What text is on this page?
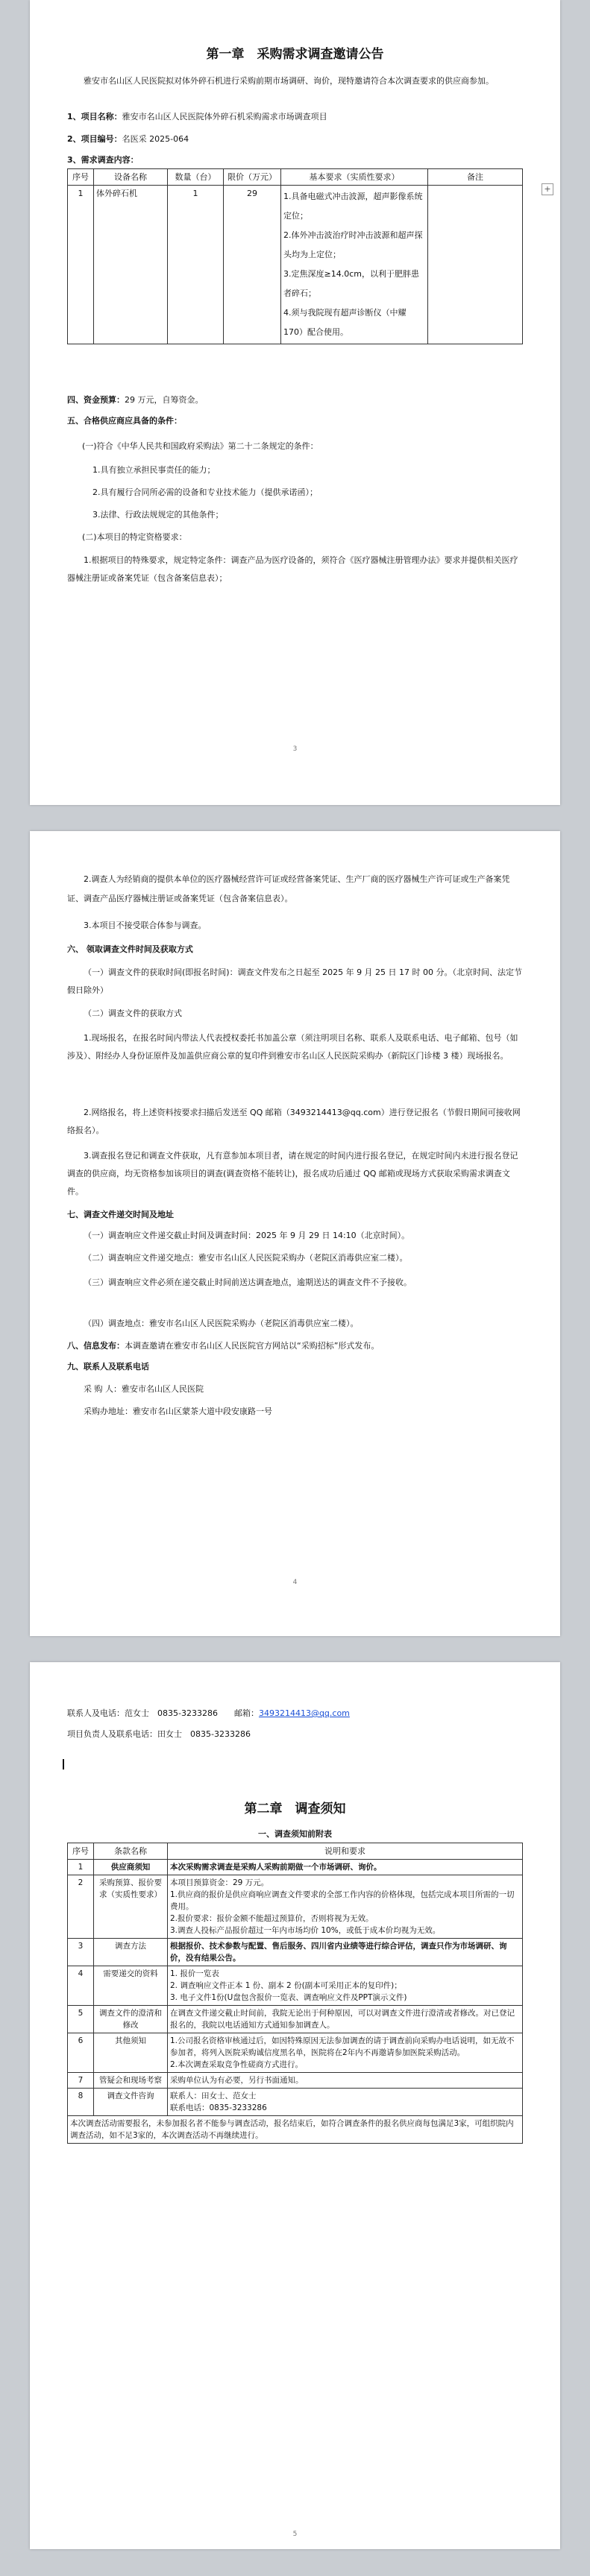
第一章　采购需求调查邀请公告
雅安市名山区人民医院拟对体外碎石机进行采购前期市场调研、询价，现特邀请符合本次调查要求的供应商参加。
1、项目名称：雅安市名山区人民医院体外碎石机采购需求市场调查项目
2、项目编号：名医采 2025-064
3、需求调查内容：
序号	设备名称	数量（台）	限价（万元）	基本要求（实质性要求）	备注
1	体外碎石机	1	29	1.具备电磁式冲击波源，超声影像系统定位；
2.体外冲击波治疗时冲击波源和超声探头均为上定位；
3.定焦深度≥14.0cm，以利于肥胖患者碎石；
4.须与我院现有超声诊断仪（中耀 170）配合使用。	
四、资金预算：29 万元，自筹资金。
五、合格供应商应具备的条件：
(一)符合《中华人民共和国政府采购法》第二十二条规定的条件：
1.具有独立承担民事责任的能力；
2.具有履行合同所必需的设备和专业技术能力（提供承诺函）；
3.法律、行政法规规定的其他条件；
(二)本项目的特定资格要求：
1.根据项目的特殊要求，规定特定条件：调查产品为医疗设备的，须符合《医疗器械注册管理办法》要求并提供相关医疗器械注册证或备案凭证（包含备案信息表）；
+
3
2.调查人为经销商的提供本单位的医疗器械经营许可证或经营备案凭证、生产厂商的医疗器械生产许可证或生产备案凭证、调查产品医疗器械注册证或备案凭证（包含备案信息表）。
3.本项目不接受联合体参与调查。
六、 领取调查文件时间及获取方式
（一）调查文件的获取时间(即报名时间)：调查文件发布之日起至 2025 年 9 月 25 日 17 时 00 分。（北京时间、法定节假日除外）
（二）调查文件的获取方式
1.现场报名，在报名时间内带法人代表授权委托书加盖公章（须注明项目名称、联系人及联系电话、电子邮箱、包号（如涉及）、附经办人身份证原件及加盖供应商公章的复印件到雅安市名山区人民医院采购办（新院区门诊楼 3 楼）现场报名。
2.网络报名，将上述资料按要求扫描后发送至 QQ 邮箱（3493214413@qq.com）进行登记报名（节假日期间可接收网络报名）。
3.调查报名登记和调查文件获取，凡有意参加本项目者，请在规定的时间内进行报名登记，在规定时间内未进行报名登记调查的供应商，均无资格参加该项目的调查(调查资格不能转让)，报名成功后通过 QQ 邮箱或现场方式获取采购需求调查文件。
七、调查文件递交时间及地址
（一）调查响应文件递交截止时间及调查时间：2025 年 9 月 29 日 14:10（北京时间）。
（二）调查响应文件递交地点：雅安市名山区人民医院采购办（老院区消毒供应室二楼）。
（三）调查响应文件必须在递交截止时间前送达调查地点，逾期送达的调查文件不予接收。
（四）调查地点：雅安市名山区人民医院采购办（老院区消毒供应室二楼）。
八、信息发布：本调查邀请在雅安市名山区人民医院官方网站以“采购招标”形式发布。
九、联系人及联系电话
采 购 人：雅安市名山区人民医院
采购办地址：雅安市名山区蒙茶大道中段安康路一号
4
联系人及电话：范女士　0835-3233286　　邮箱：3493214413@qq.com
项目负责人及联系电话：田女士　0835-3233286
第二章　调查须知
一、调查须知前附表
序号	条款名称	说明和要求
1	供应商须知	本次采购需求调查是采购人采购前期做一个市场调研、询价。
2	采购预算、报价要求（实质性要求）	本项目预算资金：29 万元。
1.供应商的报价是供应商响应调查文件要求的全部工作内容的价格体现，包括完成本项目所需的一切费用。
2.报价要求：报价金额不能超过预算价，否则将视为无效。
3.调查人投标产品报价超过一年内市场均价 10%，或低于成本价均视为无效。
3	调查方法	根据报价、技术参数与配置、售后服务、四川省内业绩等进行综合评估，调查只作为市场调研、询价，没有结果公告。
4	需要递交的资料	1. 报价一览表
2. 调查响应文件正本 1 份、副本 2 份(副本可采用正本的复印件)；
3. 电子文件1份(U盘包含报价一览表、调查响应文件及PPT演示文件)
5	调查文件的澄清和修改	在调查文件递交截止时间前，我院无论出于何种原因，可以对调查文件进行澄清或者修改。对已登记报名的，我院以电话通知方式通知参加调查人。
6	其他须知	1.公司报名资格审核通过后，如因特殊原因无法参加调查的请于调查前向采购办电话说明，如无故不参加者，将列入医院采购诚信度黑名单，医院将在2年内不再邀请参加医院采购活动。
2.本次调查采取竞争性磋商方式进行。
7	管疑会和现场考察	采购单位认为有必要，另行书面通知。
8	调查文件咨询	联系人：田女士、范女士
联系电话：0835-3233286
本次调查活动需要报名，未参加报名者不能参与调查活动，报名结束后，如符合调查条件的报名供应商每包满足3家，可组织院内调查活动，如不足3家的，本次调查活动不再继续进行。		
5
